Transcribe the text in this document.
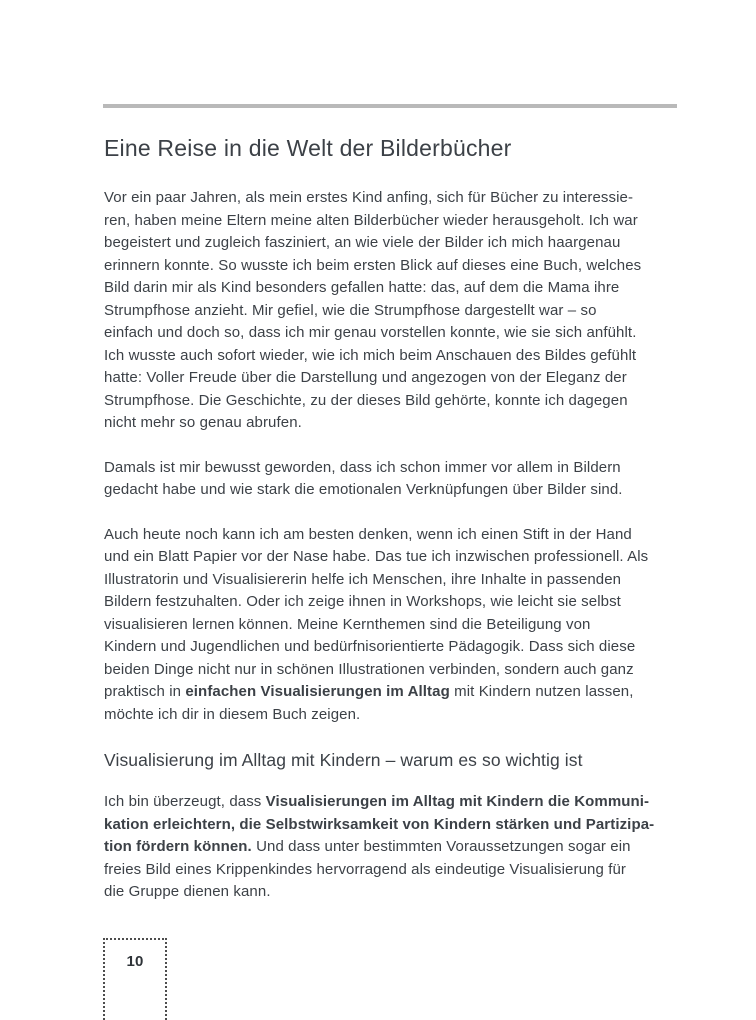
Eine Reise in die Welt der Bilderbücher
Vor ein paar Jahren, als mein erstes Kind anfing, sich für Bücher zu interessie-
ren, haben meine Eltern meine alten Bilderbücher wieder herausgeholt. Ich war
begeistert und zugleich fasziniert, an wie viele der Bilder ich mich haargenau
erinnern konnte. So wusste ich beim ersten Blick auf dieses eine Buch, welches
Bild darin mir als Kind besonders gefallen hatte: das, auf dem die Mama ihre
Strumpfhose anzieht. Mir gefiel, wie die Strumpfhose dargestellt war – so
einfach und doch so, dass ich mir genau vorstellen konnte, wie sie sich anfühlt.
Ich wusste auch sofort wieder, wie ich mich beim Anschauen des Bildes gefühlt
hatte: Voller Freude über die Darstellung und angezogen von der Eleganz der
Strumpfhose. Die Geschichte, zu der dieses Bild gehörte, konnte ich dagegen
nicht mehr so genau abrufen.
Damals ist mir bewusst geworden, dass ich schon immer vor allem in Bildern
gedacht habe und wie stark die emotionalen Verknüpfungen über Bilder sind.
Auch heute noch kann ich am besten denken, wenn ich einen Stift in der Hand
und ein Blatt Papier vor der Nase habe. Das tue ich inzwischen professionell. Als
Illustratorin und Visualisiererin helfe ich Menschen, ihre Inhalte in passenden
Bildern festzuhalten. Oder ich zeige ihnen in Workshops, wie leicht sie selbst
visualisieren lernen können. Meine Kernthemen sind die Beteiligung von
Kindern und Jugendlichen und bedürfnisorientierte Pädagogik. Dass sich diese
beiden Dinge nicht nur in schönen Illustrationen verbinden, sondern auch ganz
praktisch in einfachen Visualisierungen im Alltag mit Kindern nutzen lassen,
möchte ich dir in diesem Buch zeigen.
Visualisierung im Alltag mit Kindern – warum es so wichtig ist
Ich bin überzeugt, dass Visualisierungen im Alltag mit Kindern die Kommuni-
kation erleichtern, die Selbstwirksamkeit von Kindern stärken und Partizipa-
tion fördern können. Und dass unter bestimmten Voraussetzungen sogar ein
freies Bild eines Krippenkindes hervorragend als eindeutige Visualisierung für
die Gruppe dienen kann.
10
